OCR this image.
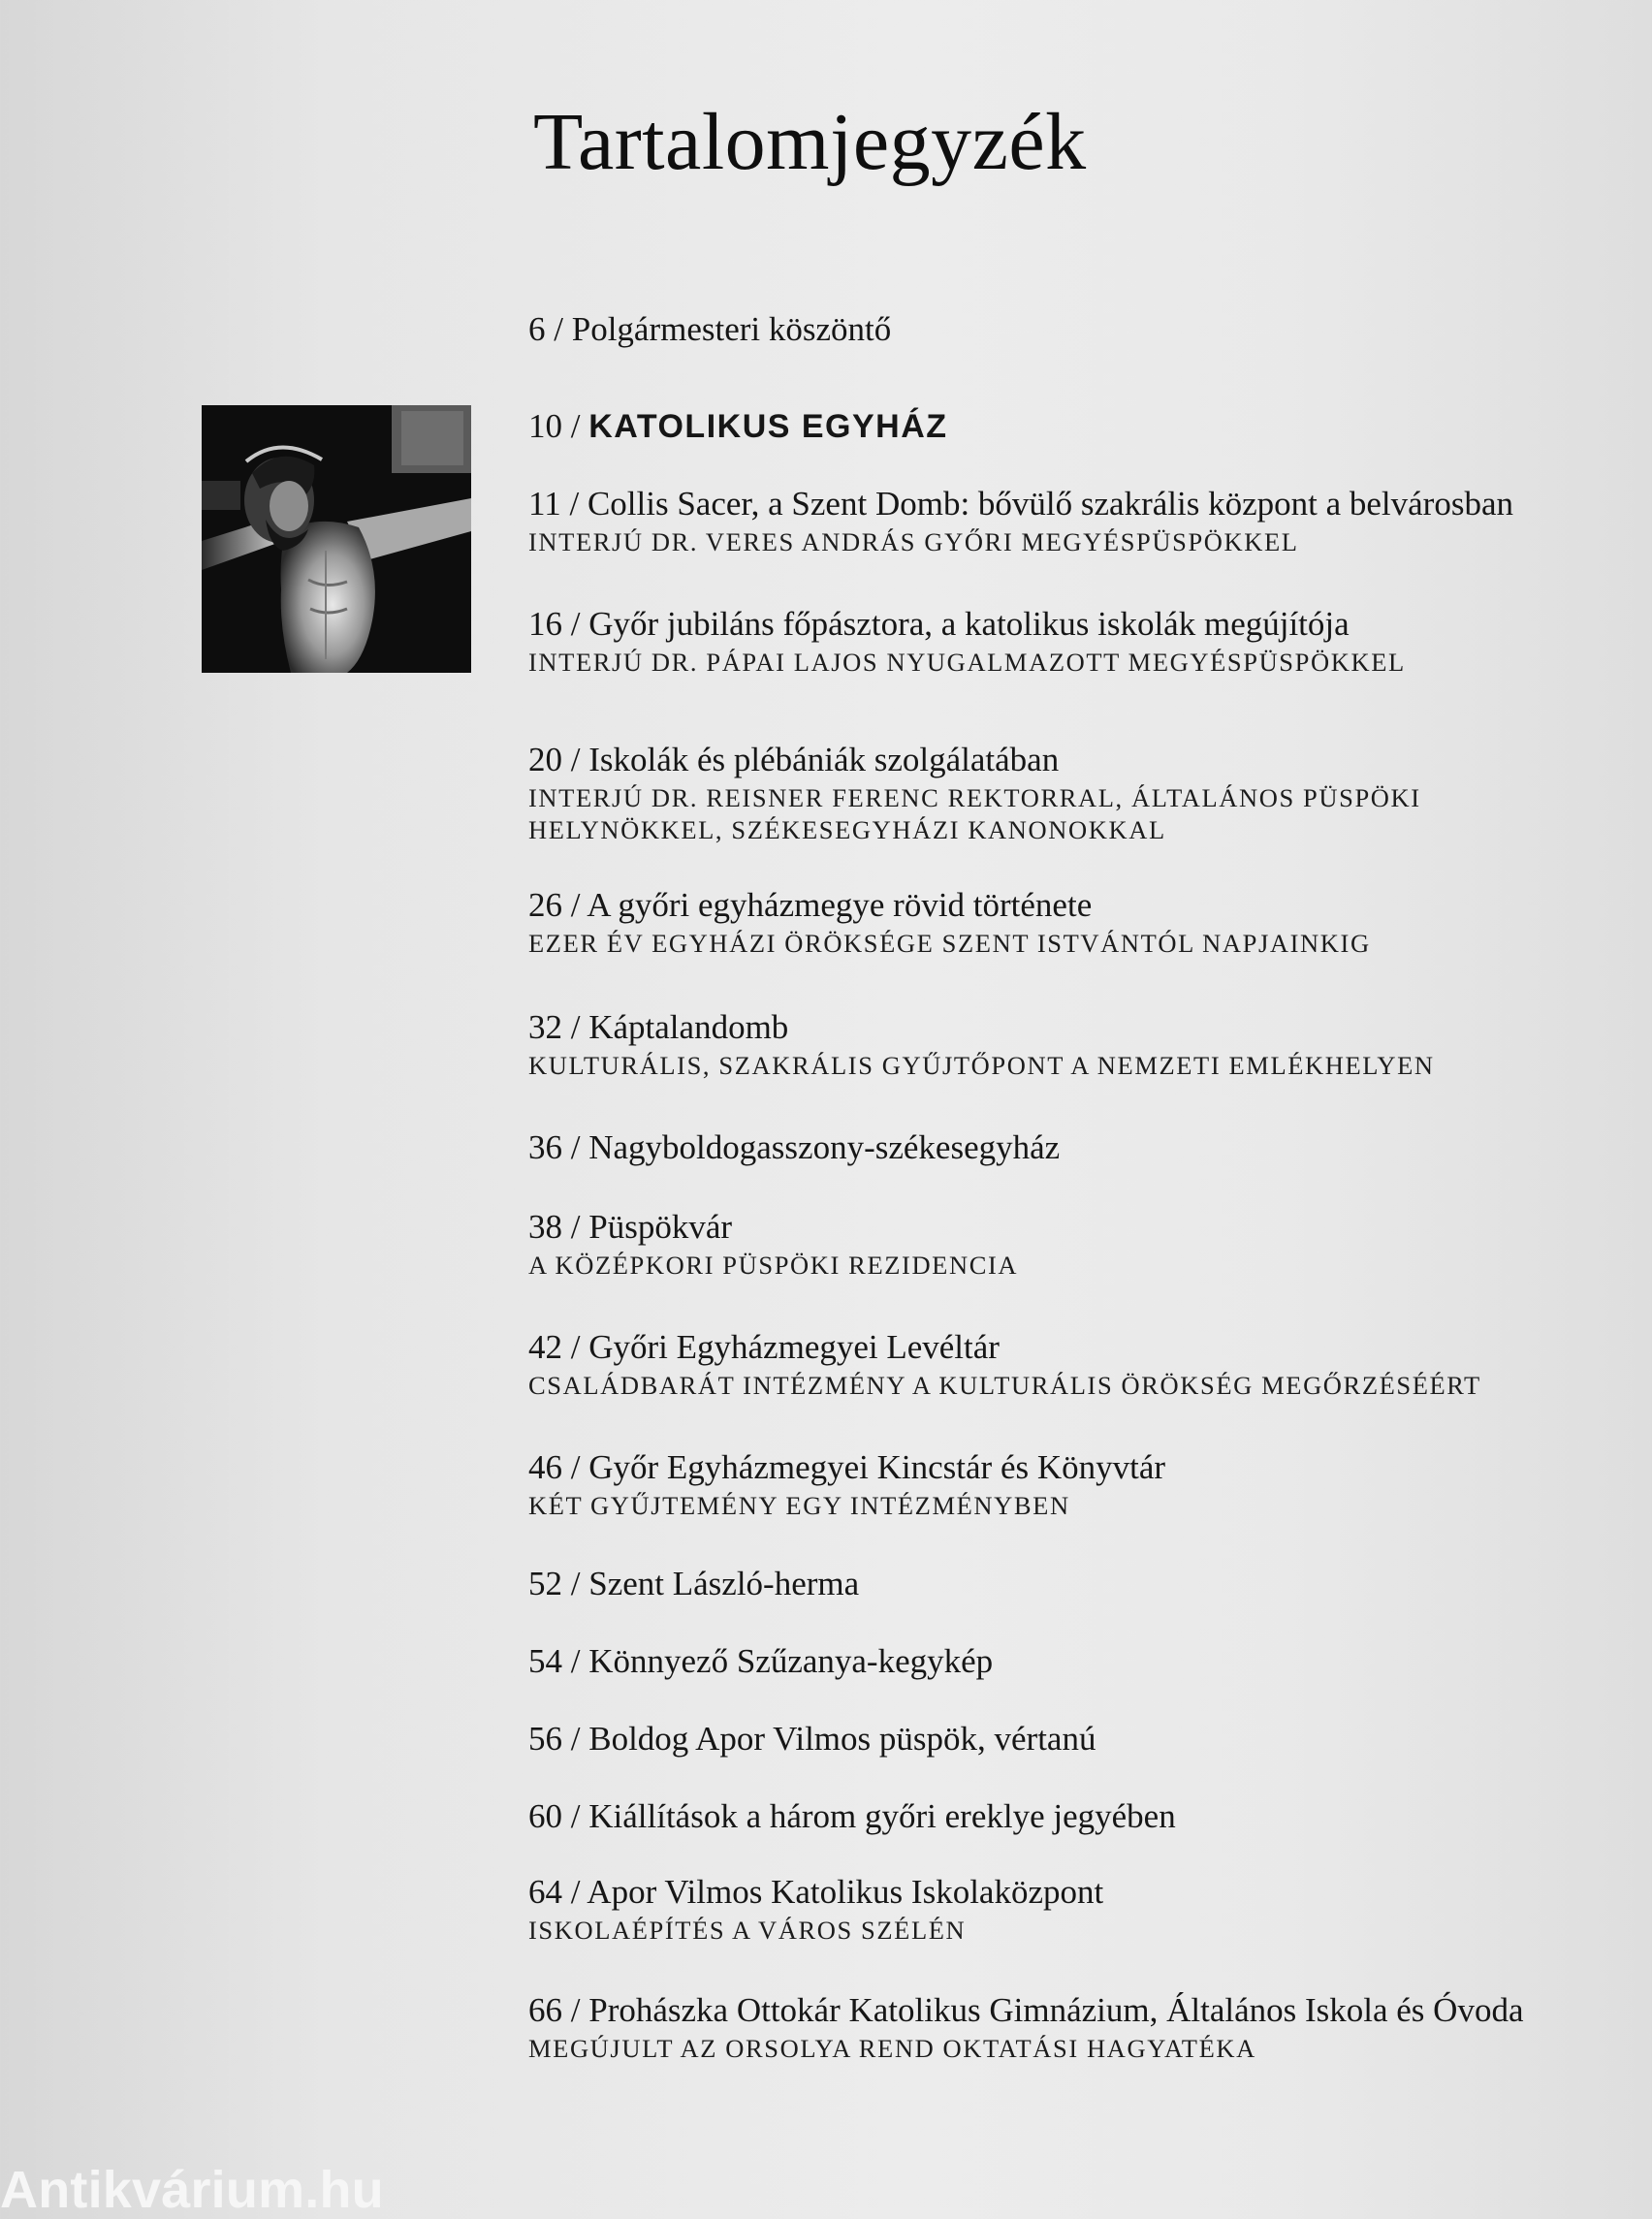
Antikvárium.hu
Tartalomjegyzék
6 / Polgármesteri köszöntő
10 / KATOLIKUS EGYHÁZ
11 / Collis Sacer, a Szent Domb: bővülő szakrális központ a belvárosban
INTERJÚ DR. VERES ANDRÁS GYŐRI MEGYÉSPÜSPÖKKEL
16 / Győr jubiláns főpásztora, a katolikus iskolák megújítója
INTERJÚ DR. PÁPAI LAJOS NYUGALMAZOTT MEGYÉSPÜSPÖKKEL
20 / Iskolák és plébániák szolgálatában
INTERJÚ DR. REISNER FERENC REKTORRAL, ÁLTALÁNOS PÜSPÖKI
HELYNÖKKEL, SZÉKESEGYHÁZI KANONOKKAL
26 / A győri egyházmegye rövid története
EZER ÉV EGYHÁZI ÖRÖKSÉGE SZENT ISTVÁNTÓL NAPJAINKIG
32 / Káptalandomb
KULTURÁLIS, SZAKRÁLIS GYŰJTŐPONT A NEMZETI EMLÉKHELYEN
36 / Nagyboldogasszony-székesegyház
38 / Püspökvár
A KÖZÉPKORI PÜSPÖKI REZIDENCIA
42 / Győri Egyházmegyei Levéltár
CSALÁDBARÁT INTÉZMÉNY A KULTURÁLIS ÖRÖKSÉG MEGŐRZÉSÉÉRT
46 / Győr Egyházmegyei Kincstár és Könyvtár
KÉT GYŰJTEMÉNY EGY INTÉZMÉNYBEN
52 / Szent László-herma
54 / Könnyező Szűzanya-kegykép
56 / Boldog Apor Vilmos püspök, vértanú
60 / Kiállítások a három győri ereklye jegyében
64 / Apor Vilmos Katolikus Iskolaközpont
ISKOLAÉPÍTÉS A VÁROS SZÉLÉN
66 / Prohászka Ottokár Katolikus Gimnázium, Általános Iskola és Óvoda
MEGÚJULT AZ ORSOLYA REND OKTATÁSI HAGYATÉKA
